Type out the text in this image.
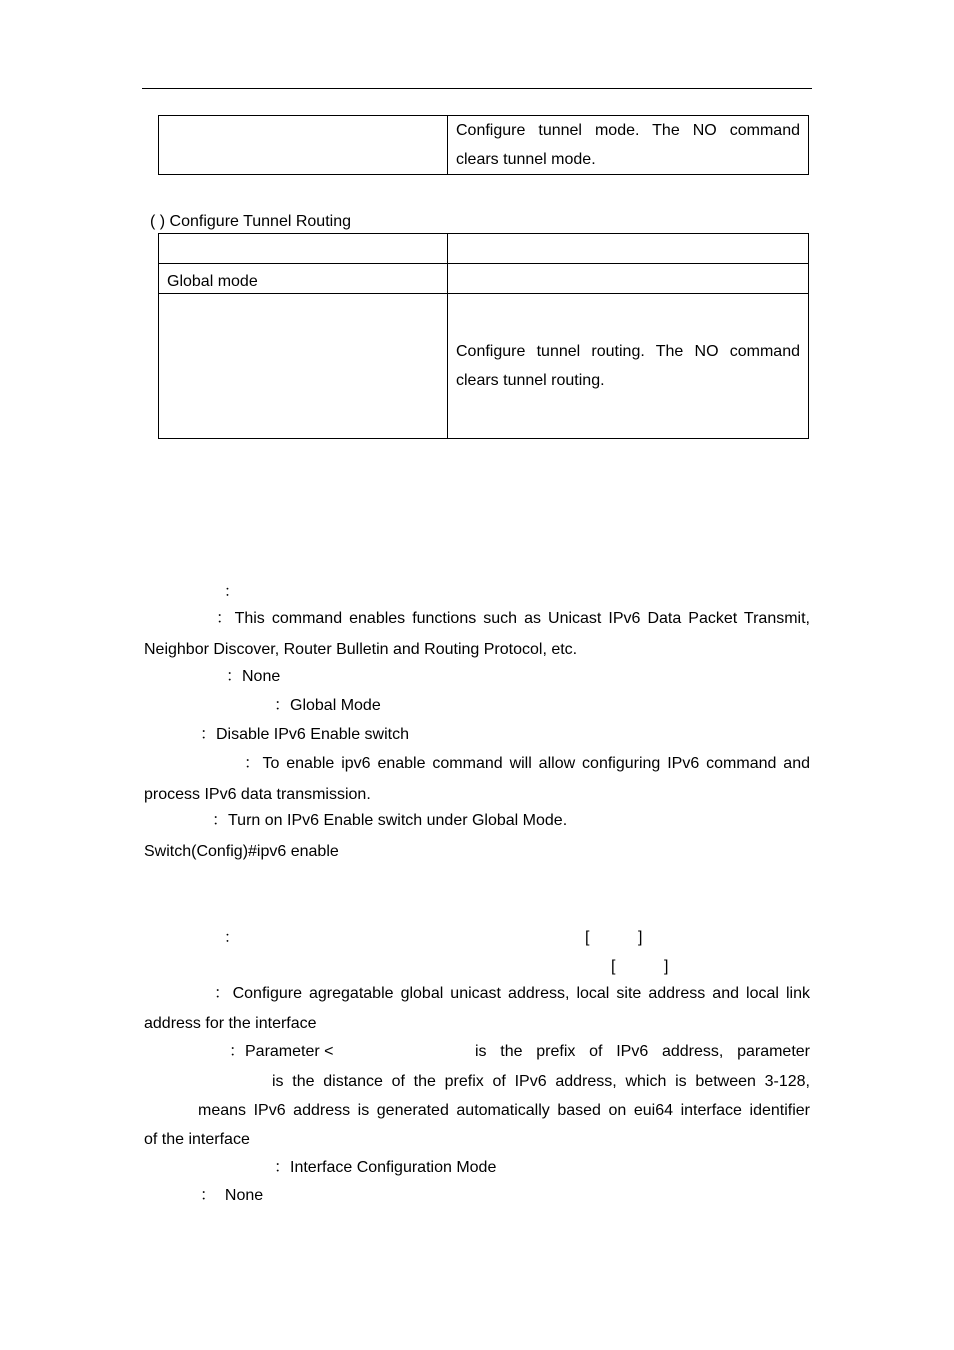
	Configure tunnel mode. The NO command clears tunnel mode.
( ) Configure Tunnel Routing

Global mode	
	Configure tunnel routing. The NO command clears tunnel routing.
：
：This command enables functions such as Unicast IPv6 Data Packet Transmit, Neighbor Discover, Router Bulletin and Routing Protocol, etc.
：None
：Global Mode
：Disable IPv6 Enable switch
：To enable ipv6 enable command will allow configuring IPv6 command and process IPv6 data transmission.
：Turn on IPv6 Enable switch under Global Mode.
Switch(Config)#ipv6 enable
：	[	]
[	]
：Configure agregatable global unicast address, local site address and local link address for the interface
：Parameter <	is the prefix of IPv6 address, parameter
is the distance of the prefix of IPv6 address, which is between 3-128,
means IPv6 address is generated automatically based on eui64 interface identifier
of the interface
：Interface Configuration Mode
：  None
